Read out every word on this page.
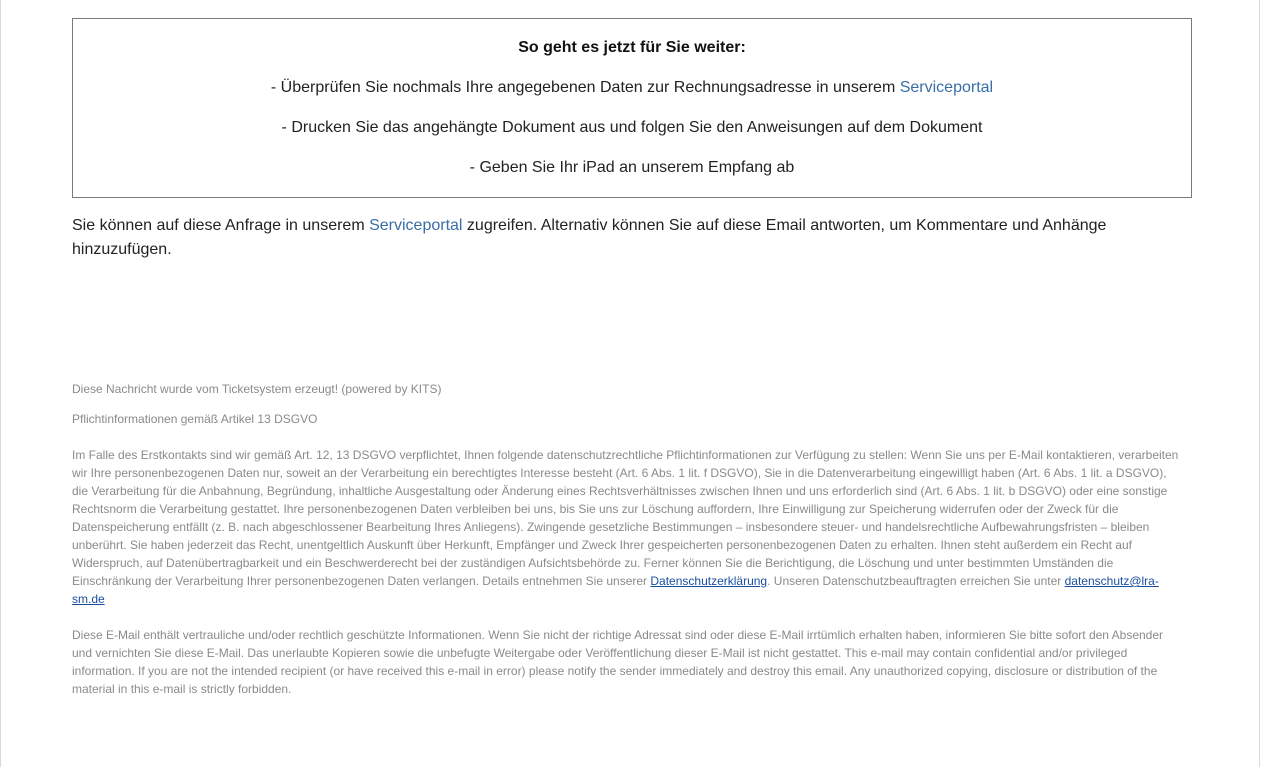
So geht es jetzt für Sie weiter:
- Überprüfen Sie nochmals Ihre angegebenen Daten zur Rechnungsadresse in unserem Serviceportal
- Drucken Sie das angehängte Dokument aus und folgen Sie den Anweisungen auf dem Dokument
- Geben Sie Ihr iPad an unserem Empfang ab
Sie können auf diese Anfrage in unserem Serviceportal zugreifen. Alternativ können Sie auf diese Email antworten, um Kommentare und Anhänge hinzuzufügen.
Diese Nachricht wurde vom Ticketsystem erzeugt! (powered by KITS)
Pflichtinformationen gemäß Artikel 13 DSGVO
Im Falle des Erstkontakts sind wir gemäß Art. 12, 13 DSGVO verpflichtet, Ihnen folgende datenschutzrechtliche Pflichtinformationen zur Verfügung zu stellen: Wenn Sie uns per E-Mail kontaktieren, verarbeiten wir Ihre personenbezogenen Daten nur, soweit an der Verarbeitung ein berechtigtes Interesse besteht (Art. 6 Abs. 1 lit. f DSGVO), Sie in die Datenverarbeitung eingewilligt haben (Art. 6 Abs. 1 lit. a DSGVO), die Verarbeitung für die Anbahnung, Begründung, inhaltliche Ausgestaltung oder Änderung eines Rechtsverhältnisses zwischen Ihnen und uns erforderlich sind (Art. 6 Abs. 1 lit. b DSGVO) oder eine sonstige Rechtsnorm die Verarbeitung gestattet. Ihre personenbezogenen Daten verbleiben bei uns, bis Sie uns zur Löschung auffordern, Ihre Einwilligung zur Speicherung widerrufen oder der Zweck für die Datenspeicherung entfällt (z. B. nach abgeschlossener Bearbeitung Ihres Anliegens). Zwingende gesetzliche Bestimmungen – insbesondere steuer- und handelsrechtliche Aufbewahrungsfristen – bleiben unberührt. Sie haben jederzeit das Recht, unentgeltlich Auskunft über Herkunft, Empfänger und Zweck Ihrer gespeicherten personenbezogenen Daten zu erhalten. Ihnen steht außerdem ein Recht auf Widerspruch, auf Datenübertragbarkeit und ein Beschwerderecht bei der zuständigen Aufsichtsbehörde zu. Ferner können Sie die Berichtigung, die Löschung und unter bestimmten Umständen die Einschränkung der Verarbeitung Ihrer personenbezogenen Daten verlangen. Details entnehmen Sie unserer Datenschutzerklärung. Unseren Datenschutzbeauftragten erreichen Sie unter datenschutz@lra-sm.de
Diese E-Mail enthält vertrauliche und/oder rechtlich geschützte Informationen. Wenn Sie nicht der richtige Adressat sind oder diese E-Mail irrtümlich erhalten haben, informieren Sie bitte sofort den Absender und vernichten Sie diese E-Mail. Das unerlaubte Kopieren sowie die unbefugte Weitergabe oder Veröffentlichung dieser E-Mail ist nicht gestattet. This e-mail may contain confidential and/or privileged information. If you are not the intended recipient (or have received this e-mail in error) please notify the sender immediately and destroy this email. Any unauthorized copying, disclosure or distribution of the material in this e-mail is strictly forbidden.
